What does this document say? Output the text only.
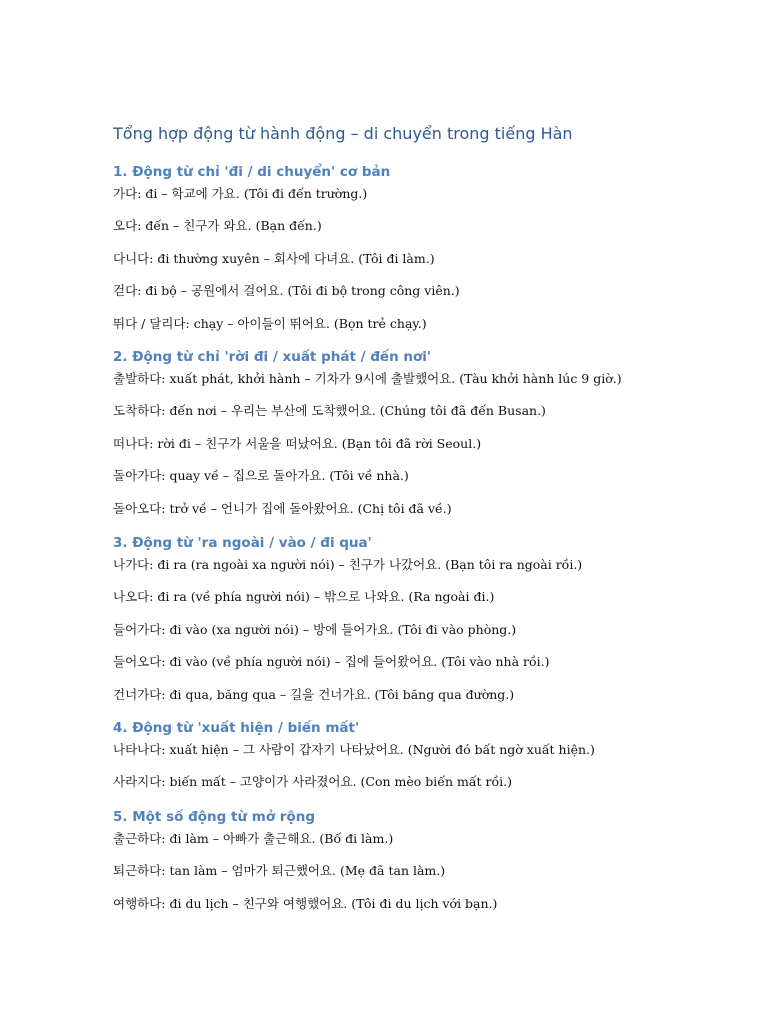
Tổng hợp động từ hành động – di chuyển trong tiếng Hàn
1. Động từ chỉ 'đi / di chuyển' cơ bản

가다: đi – 학교에 가요. (Tôi đi đến trường.)

오다: đến – 친구가 와요. (Bạn đến.)

다니다: đi thường xuyên – 회사에 다녀요. (Tôi đi làm.)

걷다: đi bộ – 공원에서 걸어요. (Tôi đi bộ trong công viên.)

뛰다 / 달리다: chạy – 아이들이 뛰어요. (Bọn trẻ chạy.)

2. Động từ chỉ 'rời đi / xuất phát / đến nơi'

출발하다: xuất phát, khởi hành – 기차가 9시에 출발했어요. (Tàu khởi hành lúc 9 giờ.)

도착하다: đến nơi – 우리는 부산에 도착했어요. (Chúng tôi đã đến Busan.)

떠나다: rời đi – 친구가 서울을 떠났어요. (Bạn tôi đã rời Seoul.)

돌아가다: quay về – 집으로 돌아가요. (Tôi về nhà.)

돌아오다: trở về – 언니가 집에 돌아왔어요. (Chị tôi đã về.)

3. Động từ 'ra ngoài / vào / đi qua'

나가다: đi ra (ra ngoài xa người nói) – 친구가 나갔어요. (Bạn tôi ra ngoài rồi.)

나오다: đi ra (về phía người nói) – 밖으로 나와요. (Ra ngoài đi.)

들어가다: đi vào (xa người nói) – 방에 들어가요. (Tôi đi vào phòng.)

들어오다: đi vào (về phía người nói) – 집에 들어왔어요. (Tôi vào nhà rồi.)

건너가다: đi qua, băng qua – 길을 건너가요. (Tôi băng qua đường.)

4. Động từ 'xuất hiện / biến mất'

나타나다: xuất hiện – 그 사람이 갑자기 나타났어요. (Người đó bất ngờ xuất hiện.)

사라지다: biến mất – 고양이가 사라졌어요. (Con mèo biến mất rồi.)

5. Một số động từ mở rộng

출근하다: đi làm – 아빠가 출근해요. (Bố đi làm.)

퇴근하다: tan làm – 엄마가 퇴근했어요. (Mẹ đã tan làm.)

여행하다: đi du lịch – 친구와 여행했어요. (Tôi đi du lịch với bạn.)
